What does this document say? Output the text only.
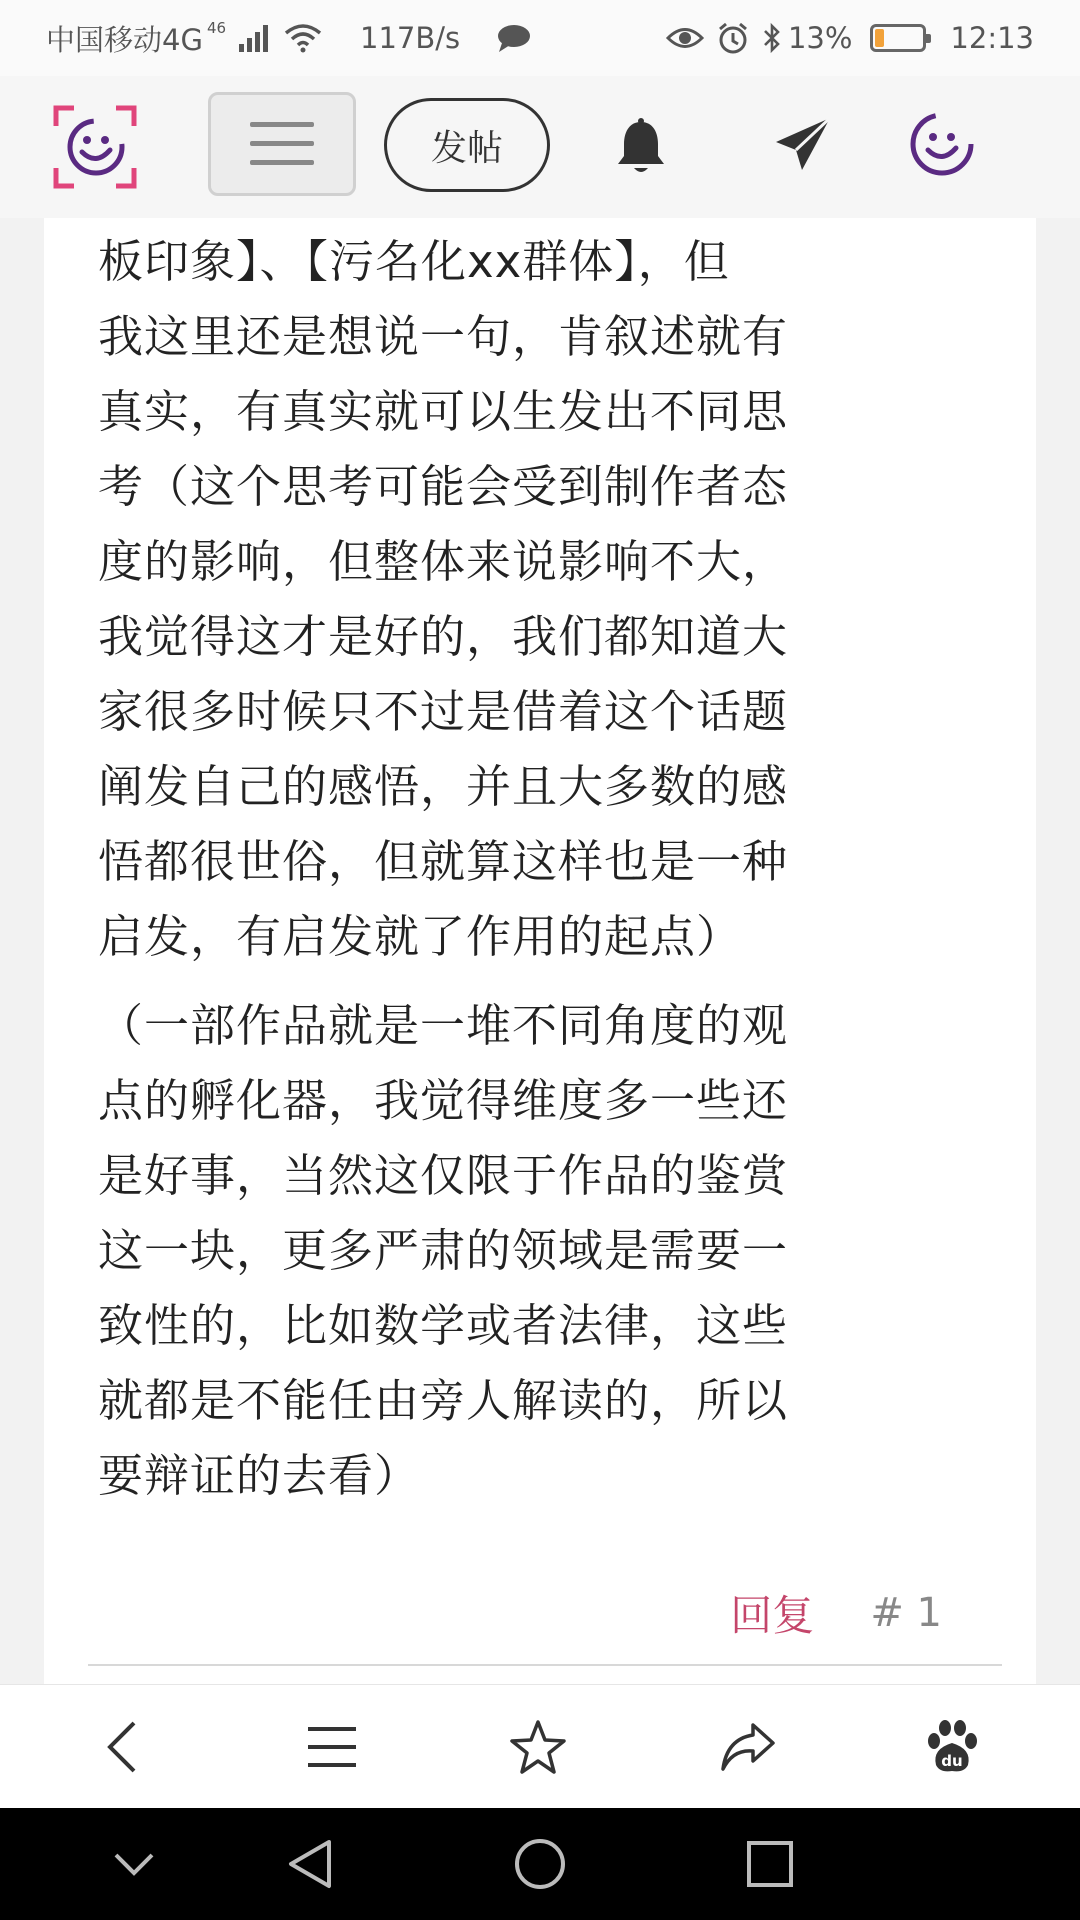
中国移动4G 46	117B/s	13%	12:13
发帖

板印象】、【污名化xx群体】，但
我这里还是想说一句，肯叙述就有
真实，有真实就可以生发出不同思
考（这个思考可能会受到制作者态
度的影响，但整体来说影响不大，
我觉得这才是好的，我们都知道大
家很多时候只不过是借着这个话题
阐发自己的感悟，并且大多数的感
悟都很世俗，但就算这样也是一种
启发，有启发就了作用的起点）

（一部作品就是一堆不同角度的观
点的孵化器，我觉得维度多一些还
是好事，当然这仅限于作品的鉴赏
这一块，更多严肃的领域是需要一
致性的，比如数学或者法律，这些
就都是不能任由旁人解读的，所以
要辩证的去看）

回复 # 1
du
